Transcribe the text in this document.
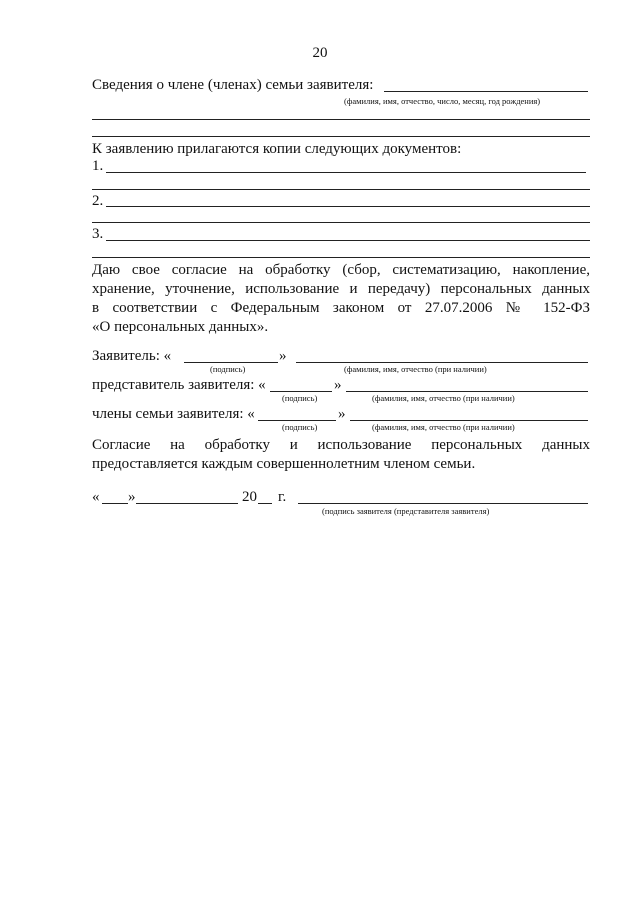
20
Сведения о члене (членах) семьи заявителя:
(фамилия, имя, отчество, число, месяц, год рождения)
К заявлению прилагаются копии следующих документов:
1.
2.
3.
Даю свое согласие на обработку (сбор, систематизацию, накопление,
хранение, уточнение, использование и передачу) персональных данных
в соответствии с Федеральным законом от 27.07.2006 № 152-ФЗ
«О персональных данных».
Заявитель: «	»
(подпись)	(фамилия, имя, отчество (при наличии)
представитель заявителя: «	»
(подпись)	(фамилия, имя, отчество (при наличии)
члены семьи заявителя: «	»
(подпись)	(фамилия, имя, отчество (при наличии)
Согласие на обработку и использование персональных данных
предоставляется каждым совершеннолетним членом семьи.
« »	20 г.
(подпись заявителя (представителя заявителя)
